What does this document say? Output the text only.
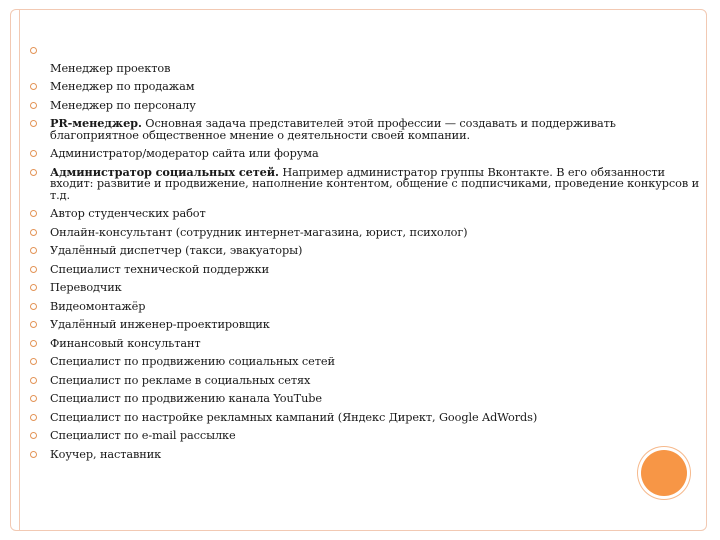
Менеджер проектов
Менеджер по продажам
Менеджер по персоналу
PR-менеджер. Основная задача представителей этой профессии — создавать и поддерживать благоприятное общественное мнение о деятельности своей компании.
Администратор/модератор сайта или форума
Администратор социальных сетей. Например администратор группы Вконтакте. В его обязанности входит: развитие и продвижение, наполнение контентом, общение с подписчиками, проведение конкурсов и т.д.
Автор студенческих работ
Онлайн-консультант (сотрудник интернет-магазина, юрист, психолог)
Удалённый диспетчер (такси, эвакуаторы)
Специалист технической поддержки
Переводчик
Видеомонтажёр
Удалённый инженер-проектировщик
Финансовый консультант
Специалист по продвижению социальных сетей
Специалист по рекламе в социальных сетях
Специалист по продвижению канала YouTube
Специалист по настройке рекламных кампаний (Яндекс Директ, Google AdWords)
Специалист по e-mail рассылке
Коучер, наставник
